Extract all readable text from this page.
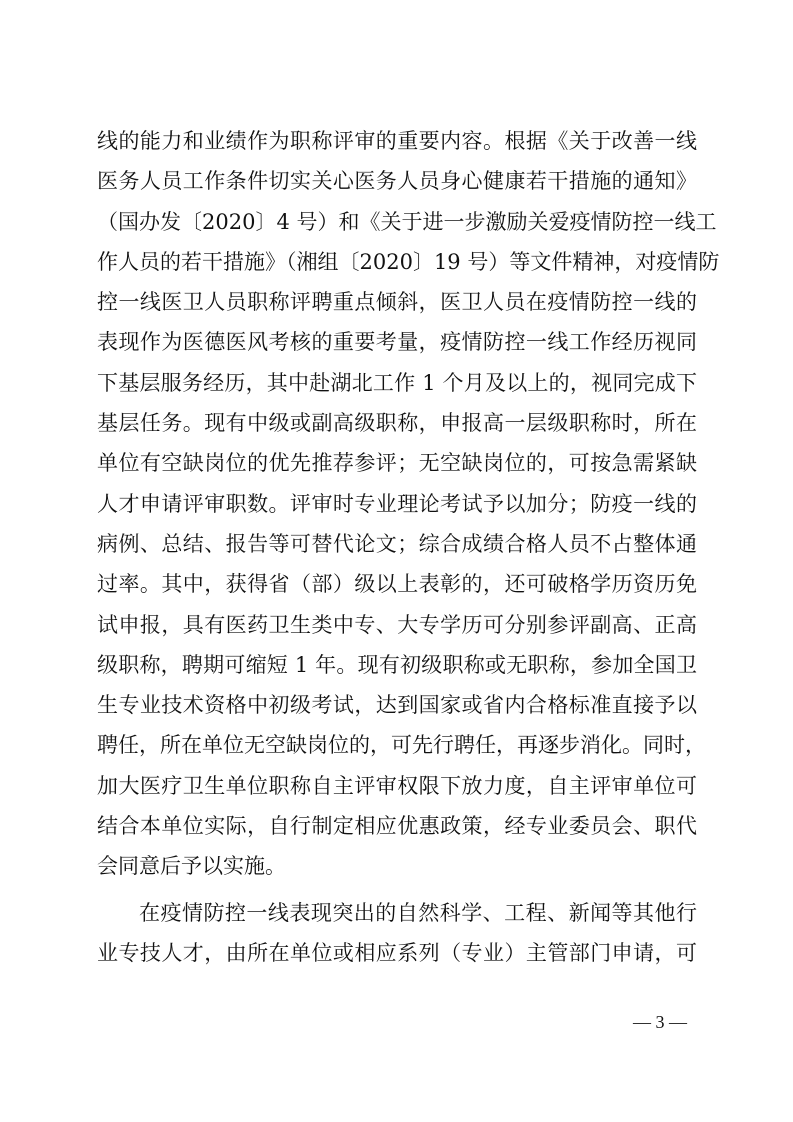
线的能力和业绩作为职称评审的重要内容。根据《关于改善一线
医务人员工作条件切实关心医务人员身心健康若干措施的通知》
（国办发〔2020〕4 号）和《关于进一步激励关爱疫情防控一线工
作人员的若干措施》（湘组〔2020〕19 号）等文件精神，对疫情防
控一线医卫人员职称评聘重点倾斜，医卫人员在疫情防控一线的
表现作为医德医风考核的重要考量，疫情防控一线工作经历视同
下基层服务经历，其中赴湖北工作 1 个月及以上的，视同完成下
基层任务。现有中级或副高级职称，申报高一层级职称时，所在
单位有空缺岗位的优先推荐参评；无空缺岗位的，可按急需紧缺
人才申请评审职数。评审时专业理论考试予以加分；防疫一线的
病例、总结、报告等可替代论文；综合成绩合格人员不占整体通
过率。其中，获得省（部）级以上表彰的，还可破格学历资历免
试申报，具有医药卫生类中专、大专学历可分别参评副高、正高
级职称，聘期可缩短 1 年。现有初级职称或无职称，参加全国卫
生专业技术资格中初级考试，达到国家或省内合格标准直接予以
聘任，所在单位无空缺岗位的，可先行聘任，再逐步消化。同时，
加大医疗卫生单位职称自主评审权限下放力度，自主评审单位可
结合本单位实际，自行制定相应优惠政策，经专业委员会、职代
会同意后予以实施。
在疫情防控一线表现突出的自然科学、工程、新闻等其他行
业专技人才，由所在单位或相应系列（专业）主管部门申请，可
— 3 —
